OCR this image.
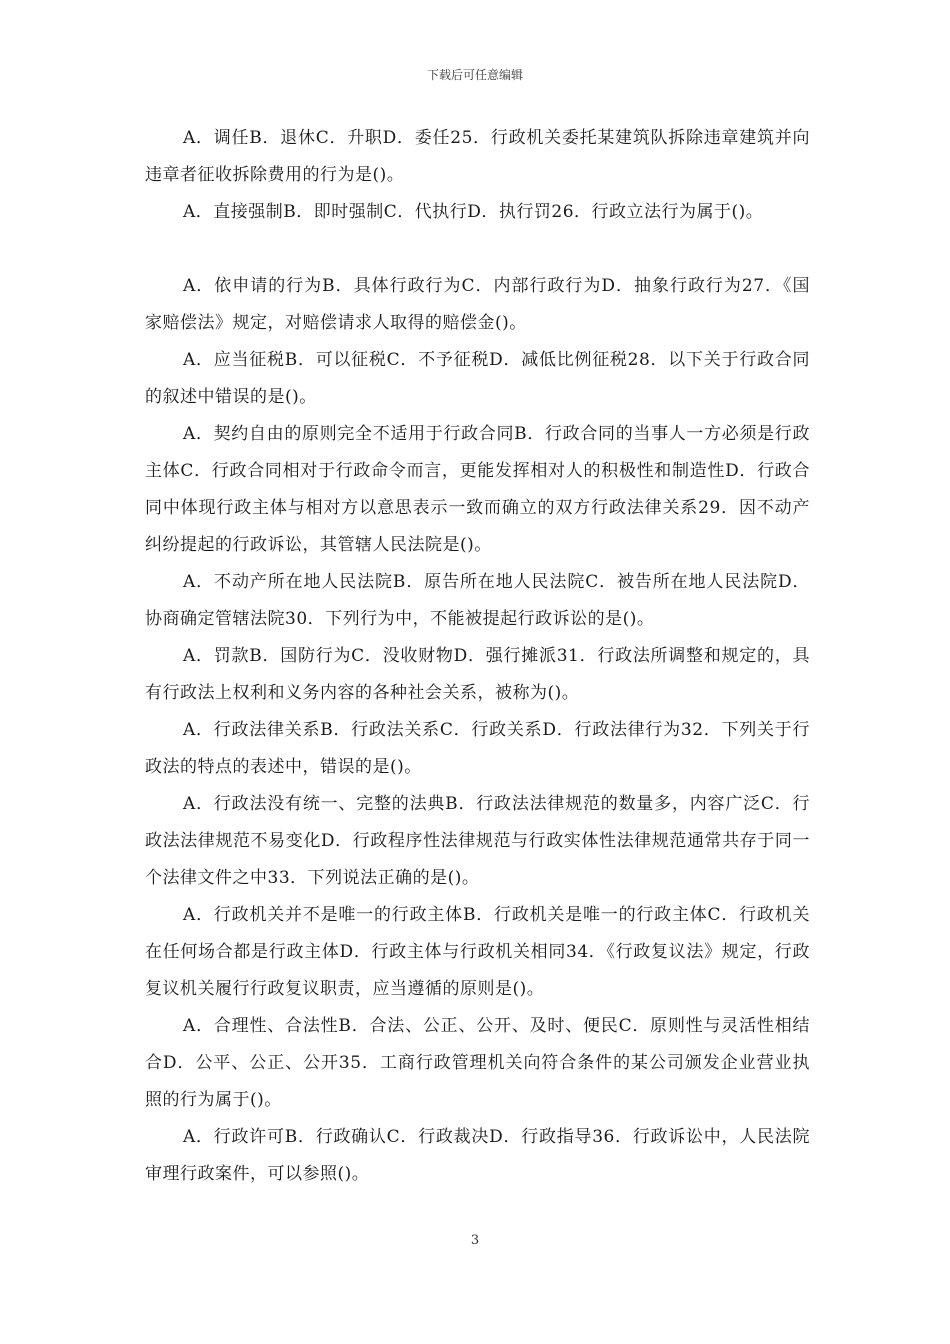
下载后可任意编辑

A．调任B．退休C．升职D．委任25．行政机关委托某建筑队拆除违章建筑并向违章者征收拆除费用的行为是()。

A．直接强制B．即时强制C．代执行D．执行罚26．行政立法行为属于()。

A．依申请的行为B．具体行政行为C．内部行政行为D．抽象行政行为27．《国家赔偿法》规定，对赔偿请求人取得的赔偿金()。

A．应当征税B．可以征税C．不予征税D．减低比例征税28．以下关于行政合同的叙述中错误的是()。

A．契约自由的原则完全不适用于行政合同B．行政合同的当事人一方必须是行政主体C．行政合同相对于行政命令而言，更能发挥相对人的积极性和制造性D．行政合同中体现行政主体与相对方以意思表示一致而确立的双方行政法律关系29．因不动产纠纷提起的行政诉讼，其管辖人民法院是()。

A．不动产所在地人民法院B．原告所在地人民法院C．被告所在地人民法院D．协商确定管辖法院30．下列行为中，不能被提起行政诉讼的是()。

A．罚款B．国防行为C．没收财物D．强行摊派31．行政法所调整和规定的，具有行政法上权利和义务内容的各种社会关系，被称为()。

A．行政法律关系B．行政法关系C．行政关系D．行政法律行为32．下列关于行政法的特点的表述中，错误的是()。

A．行政法没有统一、完整的法典B．行政法法律规范的数量多，内容广泛C．行政法法律规范不易变化D．行政程序性法律规范与行政实体性法律规范通常共存于同一个法律文件之中33．下列说法正确的是()。

A．行政机关并不是唯一的行政主体B．行政机关是唯一的行政主体C．行政机关在任何场合都是行政主体D．行政主体与行政机关相同34．《行政复议法》规定，行政复议机关履行行政复议职责，应当遵循的原则是()。

A．合理性、合法性B．合法、公正、公开、及时、便民C．原则性与灵活性相结合D．公平、公正、公开35．工商行政管理机关向符合条件的某公司颁发企业营业执照的行为属于()。

A．行政许可B．行政确认C．行政裁决D．行政指导36．行政诉讼中，人民法院审理行政案件，可以参照()。

3
